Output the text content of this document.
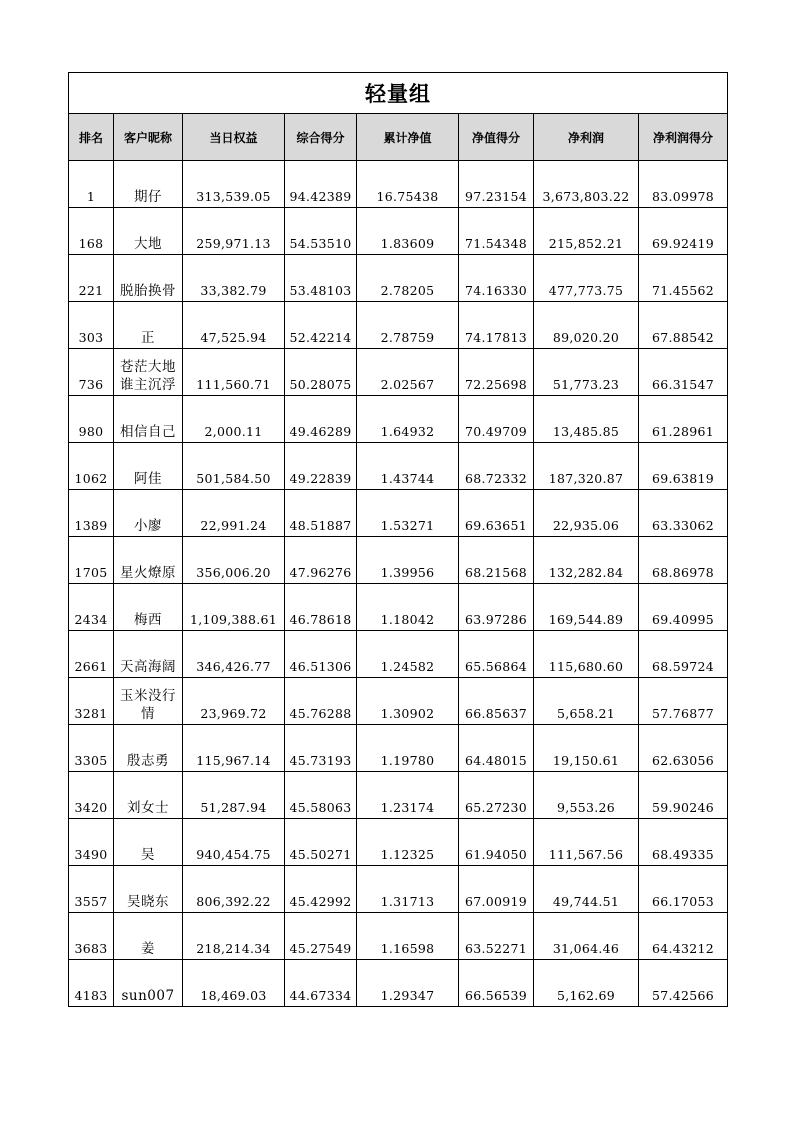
轻量组							
排名	客户昵称	当日权益	综合得分	累计净值	净值得分	净利润	净利润得分
1	期仔	313,539.05	94.42389	16.75438	97.23154	3,673,803.22	83.09978
168	大地	259,971.13	54.53510	1.83609	71.54348	215,852.21	69.92419
221	脱胎换骨	33,382.79	53.48103	2.78205	74.16330	477,773.75	71.45562
303	正	47,525.94	52.42214	2.78759	74.17813	89,020.20	67.88542
736	苍茫大地谁主沉浮	111,560.71	50.28075	2.02567	72.25698	51,773.23	66.31547
980	相信自己	2,000.11	49.46289	1.64932	70.49709	13,485.85	61.28961
1062	阿佳	501,584.50	49.22839	1.43744	68.72332	187,320.87	69.63819
1389	小廖	22,991.24	48.51887	1.53271	69.63651	22,935.06	63.33062
1705	星火燎原	356,006.20	47.96276	1.39956	68.21568	132,282.84	68.86978
2434	梅西	1,109,388.61	46.78618	1.18042	63.97286	169,544.89	69.40995
2661	天高海阔	346,426.77	46.51306	1.24582	65.56864	115,680.60	68.59724
3281	玉米没行情	23,969.72	45.76288	1.30902	66.85637	5,658.21	57.76877
3305	殷志勇	115,967.14	45.73193	1.19780	64.48015	19,150.61	62.63056
3420	刘女士	51,287.94	45.58063	1.23174	65.27230	9,553.26	59.90246
3490	吴	940,454.75	45.50271	1.12325	61.94050	111,567.56	68.49335
3557	吴晓东	806,392.22	45.42992	1.31713	67.00919	49,744.51	66.17053
3683	姜	218,214.34	45.27549	1.16598	63.52271	31,064.46	64.43212
4183	sun007	18,469.03	44.67334	1.29347	66.56539	5,162.69	57.42566
